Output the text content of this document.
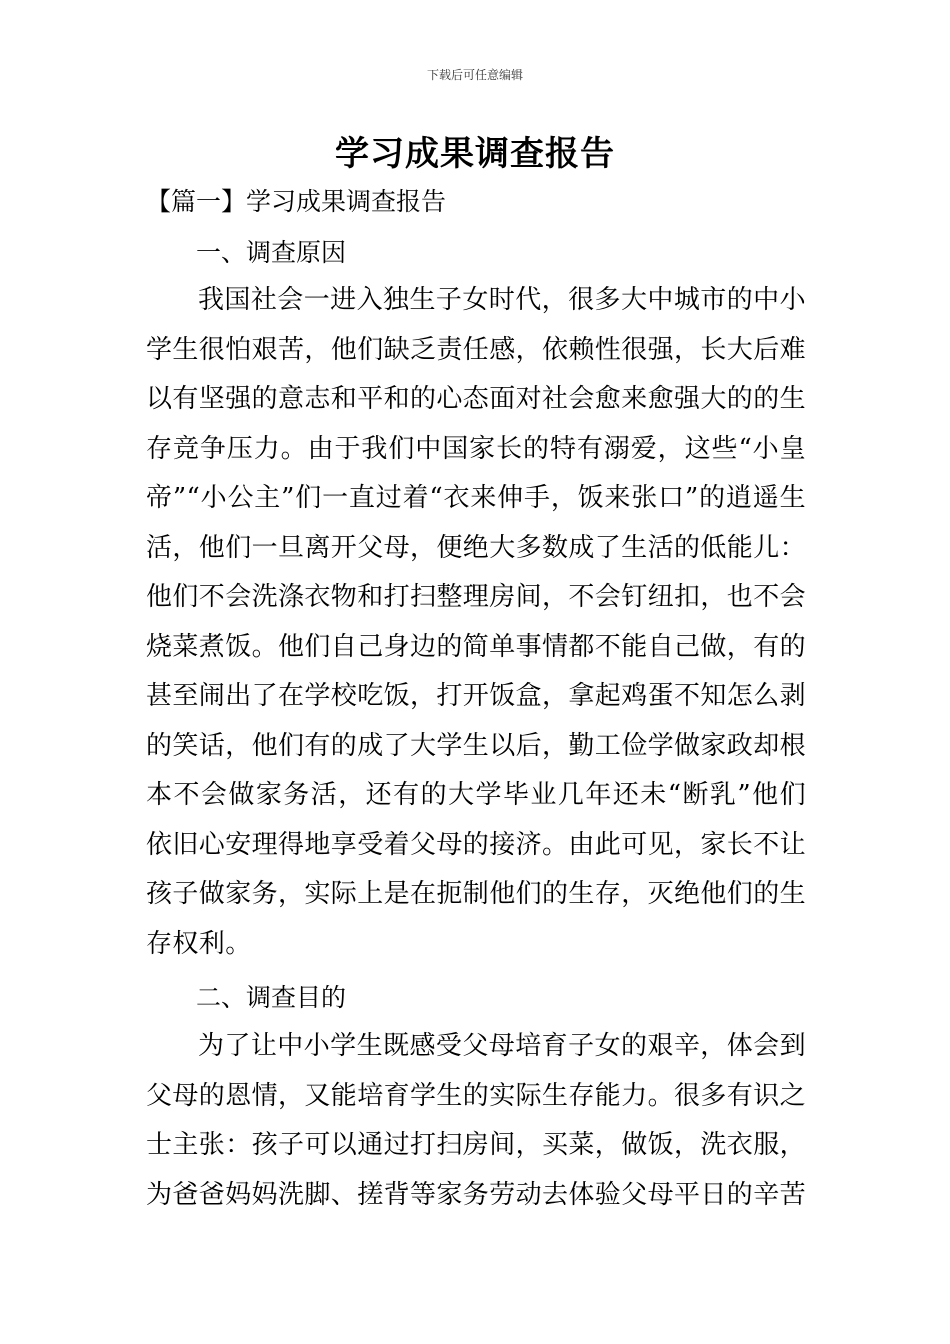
下载后可任意编辑
学习成果调查报告
【篇一】学习成果调查报告
一、调查原因

我国社会一进入独生子女时代，很多大中城市的中小学生很怕艰苦，他们缺乏责任感，依赖性很强，长大后难以有坚强的意志和平和的心态面对社会愈来愈强大的的生存竞争压力。由于我们中国家长的特有溺爱，这些“小皇帝”“小公主”们一直过着“衣来伸手，饭来张口”的逍遥生活，他们一旦离开父母，便绝大多数成了生活的低能儿：他们不会洗涤衣物和打扫整理房间，不会钉纽扣，也不会烧菜煮饭。他们自己身边的简单事情都不能自己做，有的甚至闹出了在学校吃饭，打开饭盒，拿起鸡蛋不知怎么剥的笑话，他们有的成了大学生以后，勤工俭学做家政却根本不会做家务活，还有的大学毕业几年还未“断乳”他们依旧心安理得地享受着父母的接济。由此可见，家长不让孩子做家务，实际上是在扼制他们的生存，灭绝他们的生存权利。

二、调查目的

为了让中小学生既感受父母培育子女的艰辛，体会到父母的恩情，又能培育学生的实际生存能力。很多有识之士主张：孩子可以通过打扫房间，买菜，做饭，洗衣服，为爸爸妈妈洗脚、搓背等家务劳动去体验父母平日的辛苦
